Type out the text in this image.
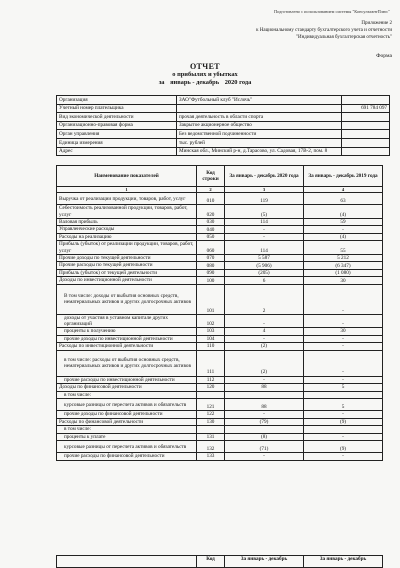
Подготовлено с использованием системы "КонсультантПлюс"
Приложение 2
к Национальному стандарту бухгалтерского учета и отчетности
"Индивидуальная бухгалтерская отчетность"
Форма
ОТЧЕТ
о прибылях и убытках
за январь - декабрь 2020 года
Организация	ЗАО"Футбольный клуб "Ислочь"	
Учетный номер плательщика		691 784 097
Вид экономической деятельности	прочая деятельность в области спорта	
Организационно-правовая форма	Закрытое акционерное общество	
Орган управления	Без ведомственной подчиненности	
Единица измерения	тыс. рублей	
Адрес	Минская обл., Минский р-н, д.Тарасово, ул. Садовая, 17В-2, пом. 8	
Наименование показателей	Код строки	За январь - декабрь 2020 года	За январь - декабрь 2019 года
1	2	3	4
Выручка от реализации продукции, товаров, работ, услуг	010	119	63
Себестоимость реализованной продукции, товаров, работ, услуг	020	(5)	(4)
Валовая прибыль	030	114	59
Управленческие расходы	040	-	-
Расходы на реализацию	050	-	(4)
Прибыль (убыток) от реализации продукции, товаров, работ, услуг	060	114	55
Прочие доходы по текущей деятельности	070	5 587	5 212
Прочие расходы по текущей деятельности	080	(5 906)	(6 347)
Прибыль (убыток) от текущей деятельности	090	(205)	(1 080)
Доходы по инвестиционной деятельности	100	6	30
В том числе: доходы от выбытия основных средств, нематериальных активов и других долгосрочных активов	101	2	-
доходы от участия в уставном капитале других организаций	102	-	-
проценты к получению	103	4	30
прочие доходы по инвестиционной деятельности	104	-	-
Расходы по инвестиционной деятельности	110	(2)	-
в том числе: расходы от выбытия основных средств, нематериальных активов и других долгосрочных активов	111	(2)	-
прочие расходы по инвестиционной деятельности	112	-	-
Доходы по финансовой деятельности	120	88	5
в том числе:			
курсовые разницы от пересчета активов и обязательств	121	88	5
прочие доходы по финансовой деятельности	122	-	-
Расходы по финансовой деятельности	130	(79)	(9)
в том числе:			
проценты к уплате	131	(8)	-
курсовые разницы от пересчета активов и обязательств	132	(71)	(9)
прочие расходы по финансовой деятельности	133	-	-
	Код	За январь - декабрь	За январь - декабрь
